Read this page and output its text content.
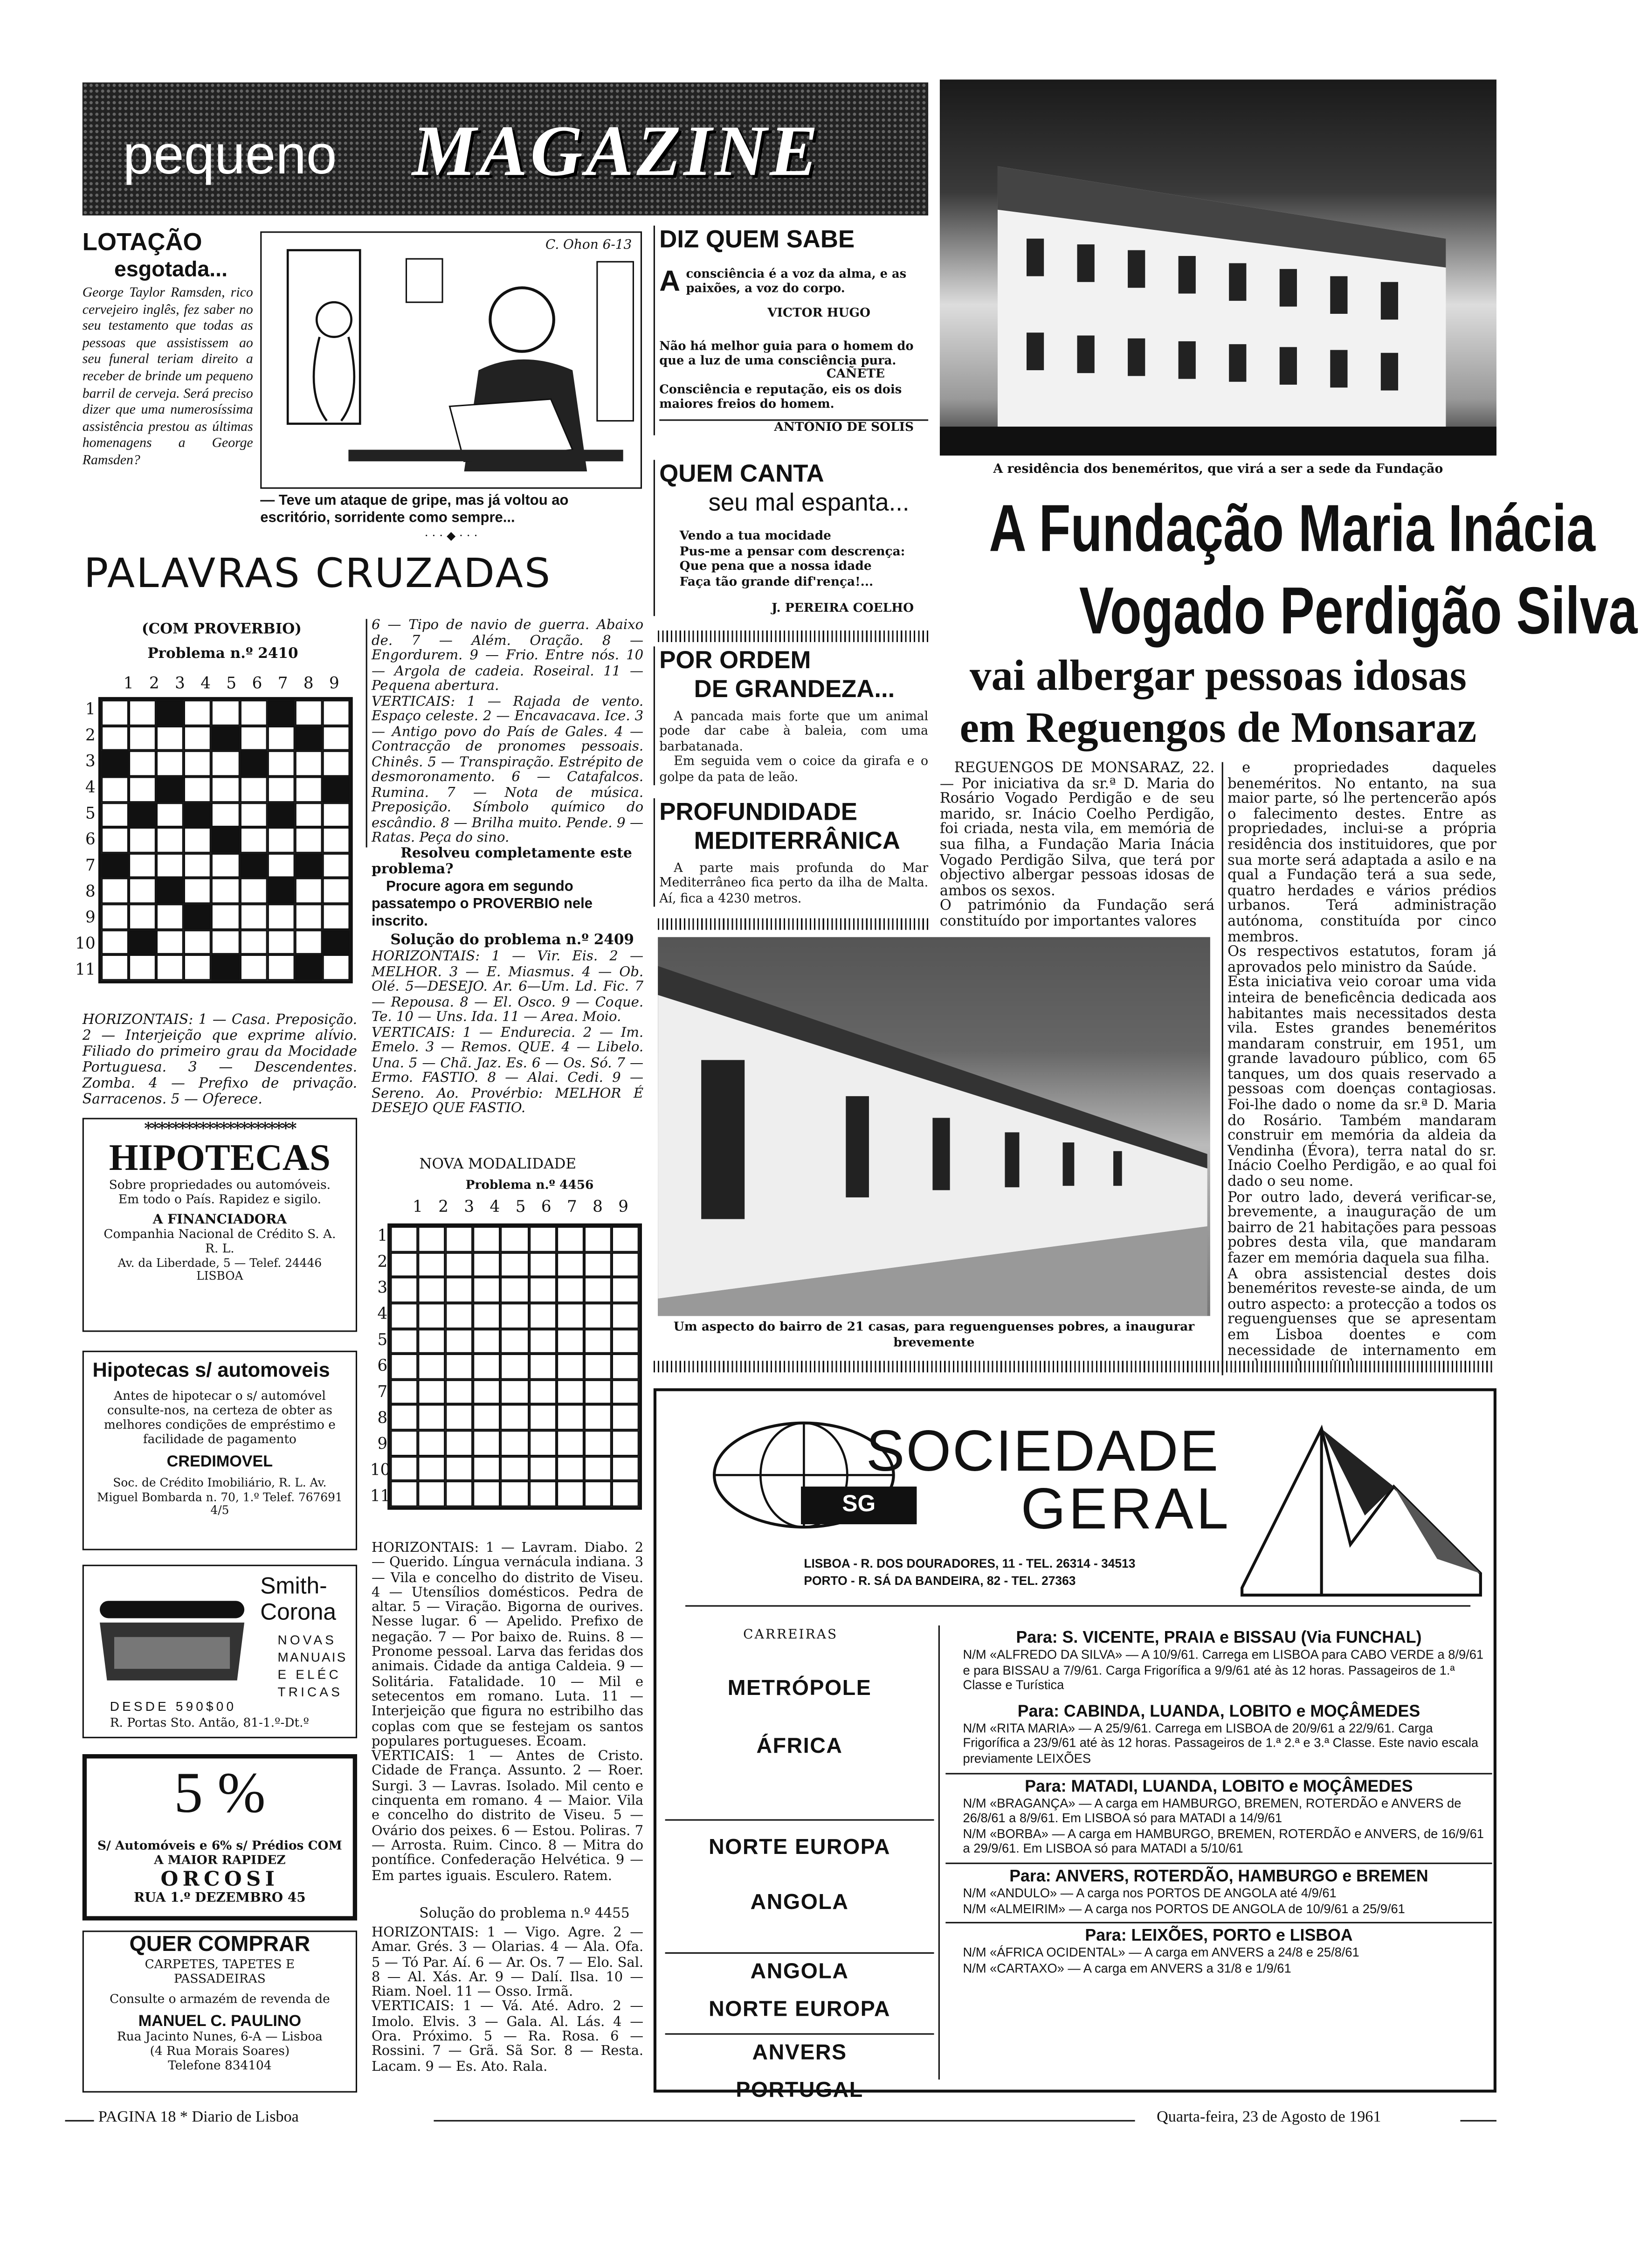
pequeno	MAGAZINE
LOTAÇÃO
esgotada...
George Taylor Ramsden, rico cervejeiro inglês, fez saber no seu testamento que todas as pessoas que assistissem ao seu funeral teriam direito a receber de brinde um pequeno barril de cerveja. Será preciso dizer que uma numerosíssima assistência prestou as últimas homenagens a George Ramsden?
C. Ohon 6-13
— Teve um ataque de gripe, mas já voltou ao escritório, sorridente como sempre...
· · · ◆ · · ·
DIZ QUEM SABE
A consciência é a voz da alma, e as paixões, a voz do corpo.
VICTOR HUGO
Não há melhor guia para o homem do que a luz de uma consciência pura.
CAÑETE
Consciência e reputação, eis os dois maiores freios do homem.
ANTÓNIO DE SOLIS
QUEM CANTA
seu mal espanta...
Vendo a tua mocidade
Pus-me a pensar com descrença:
Que pena que a nossa idade
Faça tão grande dif'rença!...
J. PEREIRA COELHO
POR ORDEM
DE GRANDEZA...
A pancada mais forte que um animal pode dar cabe à baleia, com uma barbatanada.
Em seguida vem o coice da girafa e o golpe da pata de leão.
PROFUNDIDADE
MEDITERRÂNICA
A parte mais profunda do Mar Mediterrâneo fica perto da ilha de Malta. Aí, fica a 4230 metros.
PALAVRAS CRUZADAS
(COM PROVERBIO)
Problema n.º 2410
1	2	3	4	5	6	7	8	9
1
2
3
4
5
6
7
8
9
10
11
HORIZONTAIS: 1 — Casa. Preposição. 2 — Interjeição que exprime alívio. Filiado do primeiro grau da Mocidade Portuguesa. 3 — Descendentes. Zomba. 4 — Prefixo de privação. Sarracenos. 5 — Oferece.
6 — Tipo de navio de guerra. Abaixo de. 7 — Além. Oração. 8 — Engordurem. 9 — Frio. Entre nós. 10 — Argola de cadeia. Roseiral. 11 — Pequena abertura.
VERTICAIS: 1 — Rajada de vento. Espaço celeste. 2 — Encavacava. Ice. 3 — Antigo povo do País de Gales. 4 — Contracção de pronomes pessoais. Chinês. 5 — Transpiração. Estrépito de desmoronamento. 6 — Catafalcos. Rumina. 7 — Nota de música. Preposição. Símbolo químico do escândio. 8 — Brilha muito. Pende. 9 — Ratas. Peça do sino.
Resolveu completamente este problema?
Procure agora em segundo passatempo o PROVERBIO nele inscrito.
Solução do problema n.º 2409
HORIZONTAIS: 1 — Vir. Eis. 2 — MELHOR. 3 — E. Miasmus. 4 — Ob. Olé. 5—DESEJO. Ar. 6—Um. Ld. Fic. 7 — Repousa. 8 — El. Osco. 9 — Coque. Te. 10 — Uns. Ida. 11 — Area. Moio.
VERTICAIS: 1 — Endurecia. 2 — Im. Emelo. 3 — Remos. QUE. 4 — Libelo. Una. 5 — Chã. Jaz. Es. 6 — Os. Só. 7 — Ermo. FASTIO. 8 — Alai. Cedi. 9 — Sereno. Ao. Provérbio: MELHOR É DESEJO QUE FASTIO.
NOVA MODALIDADE
Problema n.º 4456
1	2	3	4	5	6	7	8	9
1
2
3
4
5
6
7
8
9
10
11
HORIZONTAIS: 1 — Lavram. Diabo. 2 — Querido. Língua vernácula indiana. 3 — Vila e concelho do distrito de Viseu. 4 — Utensílios domésticos. Pedra de altar. 5 — Viração. Bigorna de ourives. Nesse lugar. 6 — Apelido. Prefixo de negação. 7 — Por baixo de. Ruins. 8 — Pronome pessoal. Larva das feridas dos animais. Cidade da antiga Caldeia. 9 — Solitária. Fatalidade. 10 — Mil e setecentos em romano. Luta. 11 — Interjeição que figura no estribilho das coplas com que se festejam os santos populares portugueses. Ecoam.
VERTICAIS: 1 — Antes de Cristo. Cidade de França. Assunto. 2 — Roer. Surgi. 3 — Lavras. Isolado. Mil cento e cinquenta em romano. 4 — Maior. Vila e concelho do distrito de Viseu. 5 — Ovário dos peixes. 6 — Estou. Poliras. 7 — Arrosta. Ruim. Cinco. 8 — Mitra do pontífice. Confederação Helvética. 9 — Em partes iguais. Esculero. Ratem.
Solução do problema n.º 4455
HORIZONTAIS: 1 — Vigo. Agre. 2 — Amar. Grés. 3 — Olarias. 4 — Ala. Ofa. 5 — Tó Par. Aí. 6 — Ar. Os. 7 — Elo. Sal. 8 — Al. Xás. Ar. 9 — Dalí. Ilsa. 10 — Riam. Noel. 11 — Osso. Irmã.
VERTICAIS: 1 — Vá. Até. Adro. 2 — Imolo. Elvis. 3 — Gala. Al. Lás. 4 — Ora. Próximo. 5 — Ra. Rosa. 6 — Rossini. 7 — Grã. Sã Sor. 8 — Resta. Lacam. 9 — Es. Ato. Rala.
**********************
HIPOTECAS
Sobre propriedades ou automóveis. Em todo o País. Rapidez e sigilo.
A FINANCIADORA
Companhia Nacional de Crédito S. A. R. L.
Av. da Liberdade, 5 — Telef. 24446
LISBOA
Hipotecas s/ automoveis
Antes de hipotecar o s/ automóvel consulte-nos, na certeza de obter as melhores condições de empréstimo e facilidade de pagamento
CREDIMOVEL
Soc. de Crédito Imobiliário, R. L. Av. Miguel Bombarda n. 70, 1.º Telef. 767691 4/5
Smith-
Corona
NOVAS
MANUAIS
E ELÉC
TRICAS
DESDE 590$00
R. Portas Sto. Antão, 81-1.º-Dt.º
5 %
S/ Automóveis e 6% s/ Prédios COM A MAIOR RAPIDEZ
ORCOSI
RUA 1.º DEZEMBRO 45
QUER COMPRAR
CARPETES, TAPETES E PASSADEIRAS
Consulte o armazém de revenda de
MANUEL C. PAULINO
Rua Jacinto Nunes, 6-A — Lisboa
(4 Rua Morais Soares)
Telefone 834104
A residência dos beneméritos, que virá a ser a sede da Fundação
A Fundação Maria Inácia
Vogado Perdigão Silva
vai albergar pessoas idosas
em Reguengos de Monsaraz
REGUENGOS DE MONSARAZ, 22. — Por iniciativa da sr.ª D. Maria do Rosário Vogado Perdigão e de seu marido, sr. Inácio Coelho Perdigão, foi criada, nesta vila, em memória de sua filha, a Fundação Maria Inácia Vogado Perdigão Silva, que terá por objectivo albergar pessoas idosas de ambos os sexos.
O património da Fundação será constituído por importantes valores
e propriedades daqueles beneméritos. No entanto, na sua maior parte, só lhe pertencerão após o falecimento destes. Entre as propriedades, inclui-se a própria residência dos instituidores, que por sua morte será adaptada a asilo e na qual a Fundação terá a sua sede, quatro herdades e vários prédios urbanos. Terá administração autónoma, constituída por cinco membros.
Os respectivos estatutos, foram já aprovados pelo ministro da Saúde.
Esta iniciativa veio coroar uma vida inteira de beneficência dedicada aos habitantes mais necessitados desta vila. Estes grandes beneméritos mandaram construir, em 1951, um grande lavadouro público, com 65 tanques, um dos quais reservado a pessoas com doenças contagiosas. Foi-lhe dado o nome da sr.ª D. Maria do Rosário. Também mandaram construir em memória da aldeia da Vendinha (Évora), terra natal do sr. Inácio Coelho Perdigão, e ao qual foi dado o seu nome.
Por outro lado, deverá verificar-se, brevemente, a inauguração de um bairro de 21 habitações para pessoas pobres desta vila, que mandaram fazer em memória daquela sua filha.
A obra assistencial destes dois beneméritos reveste-se ainda, de um outro aspecto: a protecção a todos os reguenguenses que se apresentam em Lisboa doentes e com necessidade de internamento em
Um aspecto do bairro de 21 casas, para reguenguenses pobres, a inaugurar brevemente
SG
SOCIEDADE
GERAL
LISBOA - R. DOS DOURADORES, 11 - TEL. 26314 - 34513
PORTO - R. SÁ DA BANDEIRA, 82 - TEL. 27363
CARREIRAS
METRÓPOLE
ÁFRICA
NORTE EUROPA
ANGOLA
ANGOLA
NORTE EUROPA
ANVERS
PORTUGAL
Para: S. VICENTE, PRAIA e BISSAU (Via FUNCHAL)
N/M «ALFREDO DA SILVA» — A 10/9/61. Carrega em LISBOA para CABO VERDE a 8/9/61 e para BISSAU a 7/9/61. Carga Frigorífica a 9/9/61 até às 12 horas. Passageiros de 1.ª Classe e Turística
Para: CABINDA, LUANDA, LOBITO e MOÇÂMEDES
N/M «RITA MARIA» — A 25/9/61. Carrega em LISBOA de 20/9/61 a 22/9/61. Carga Frigorífica a 23/9/61 até às 12 horas. Passageiros de 1.ª 2.ª e 3.ª Classe. Este navio escala previamente LEIXÕES
Para: MATADI, LUANDA, LOBITO e MOÇÂMEDES
N/M «BRAGANÇA» — A carga em HAMBURGO, BREMEN, ROTERDÃO e ANVERS de 26/8/61 a 8/9/61. Em LISBOA só para MATADI a 14/9/61
N/M «BORBA» — A carga em HAMBURGO, BREMEN, ROTERDÃO e ANVERS, de 16/9/61 a 29/9/61. Em LISBOA só para MATADI a 5/10/61
Para: ANVERS, ROTERDÃO, HAMBURGO e BREMEN
N/M «ANDULO» — A carga nos PORTOS DE ANGOLA até 4/9/61
N/M «ALMEIRIM» — A carga nos PORTOS DE ANGOLA de 10/9/61 a 25/9/61
Para: LEIXÕES, PORTO e LISBOA
N/M «ÁFRICA OCIDENTAL» — A carga em ANVERS a 24/8 e 25/8/61
N/M «CARTAXO» — A carga em ANVERS a 31/8 e 1/9/61
PAGINA 18 * Diario de Lisboa	Quarta-feira, 23 de Agosto de 1961
